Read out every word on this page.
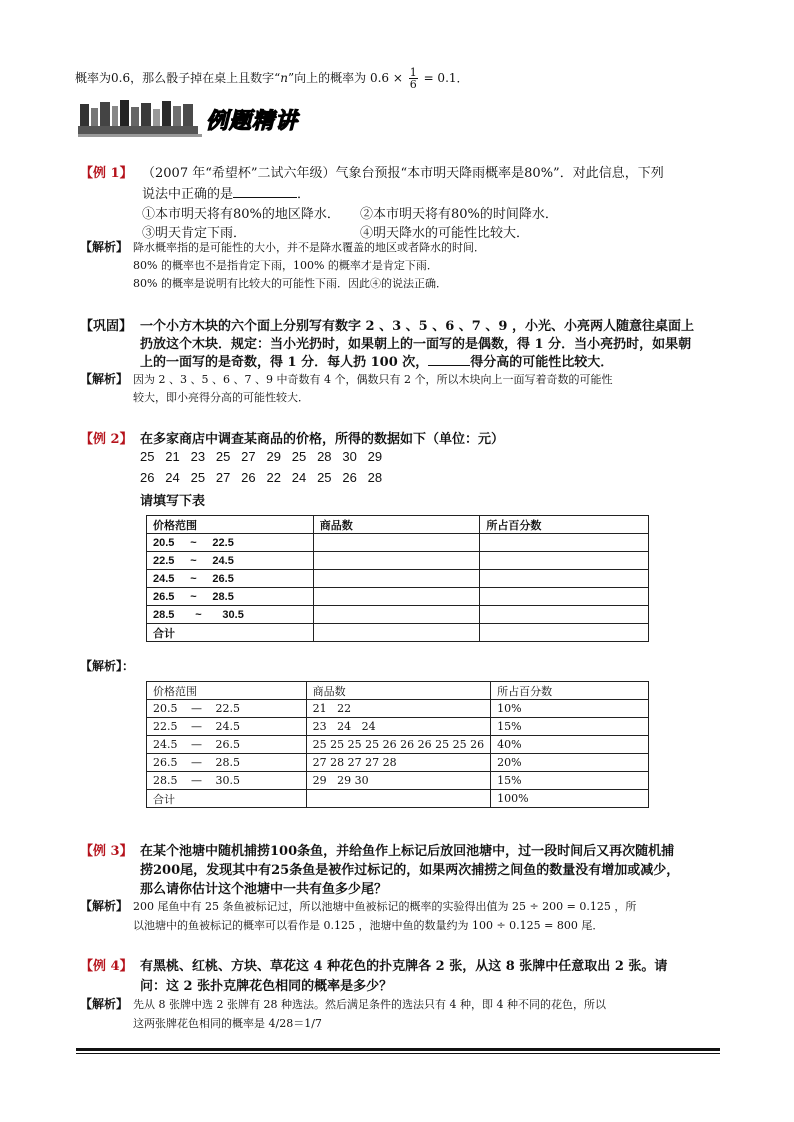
概率为0.6，那么骰子掉在桌上且数字“n”向上的概率为 $0.6 \times \frac{1}{6} = 0.1$．
例题精讲
【例 1】 （2007 年“希望杯”二试六年级）气象台预报“本市明天降雨概率是80%”．对此信息，下列
说法中正确的是	．
①本市明天将有80%的地区降水． ②本市明天将有80%的时间降水．
③明天肯定下雨．	④明天降水的可能性比较大．
【解析】 降水概率指的是可能性的大小，并不是降水覆盖的地区或者降水的时间．
80% 的概率也不是指肯定下雨，100% 的概率才是肯定下雨．
80% 的概率是说明有比较大的可能性下雨．因此④的说法正确．
【巩固】 一个小方木块的六个面上分别写有数字 2 、3 、5 、6 、7 、9 ，小光、小亮两人随意往桌面上
扔放这个木块．规定：当小光扔时，如果朝上的一面写的是偶数，得 1 分．当小亮扔时，如果朝
上的一面写的是奇数，得 1 分．每人扔 100 次，	得分高的可能性比较大．
【解析】 因为 2 、3 、5 、6 、7 、9 中奇数有 4 个，偶数只有 2 个，所以木块向上一面写着奇数的可能性
较大，即小亮得分高的可能性较大．
【例 2】 在多家商店中调查某商品的价格，所得的数据如下（单位：元）
25   21   23   25   27   29   25   28   30   29
26   24   25   27   26   22   24   25   26   28
请填写下表
价格范围	商品数	所占百分数
20.5 ~ 22.5		
22.5 ~ 24.5		
24.5 ~ 26.5		
26.5 ~ 28.5		
28.5 ~ 30.5		
合计		
【解析】：
价格范围	商品数	所占百分数
20.5 — 22.5	21   22	10%
22.5 — 24.5	23   24   24	15%
24.5 — 26.5	25 25 25 25 26 26 26 25 25 26	40%
26.5 — 28.5	27 28 27 27 28	20%
28.5 — 30.5	29   29 30	15%
合计		100%
【例 3】 在某个池塘中随机捕捞100条鱼，并给鱼作上标记后放回池塘中，过一段时间后又再次随机捕
捞200尾，发现其中有25条鱼是被作过标记的，如果两次捕捞之间鱼的数量没有增加或减少，
那么请你估计这个池塘中一共有鱼多少尾？
【解析】 200 尾鱼中有 25 条鱼被标记过，所以池塘中鱼被标记的概率的实验得出值为 25 ÷ 200 = 0.125 ，所
以池塘中的鱼被标记的概率可以看作是 0.125 ，池塘中鱼的数量约为 100 ÷ 0.125 = 800 尾．
【例 4】 有黑桃、红桃、方块、草花这 4 种花色的扑克牌各 2 张，从这 8 张牌中任意取出 2 张。请
问：这 2 张扑克牌花色相同的概率是多少？
【解析】 先从 8 张牌中选 2 张牌有 28 种选法。然后满足条件的选法只有 4 种，即 4 种不同的花色，所以
这两张牌花色相同的概率是 4/28＝1/7
